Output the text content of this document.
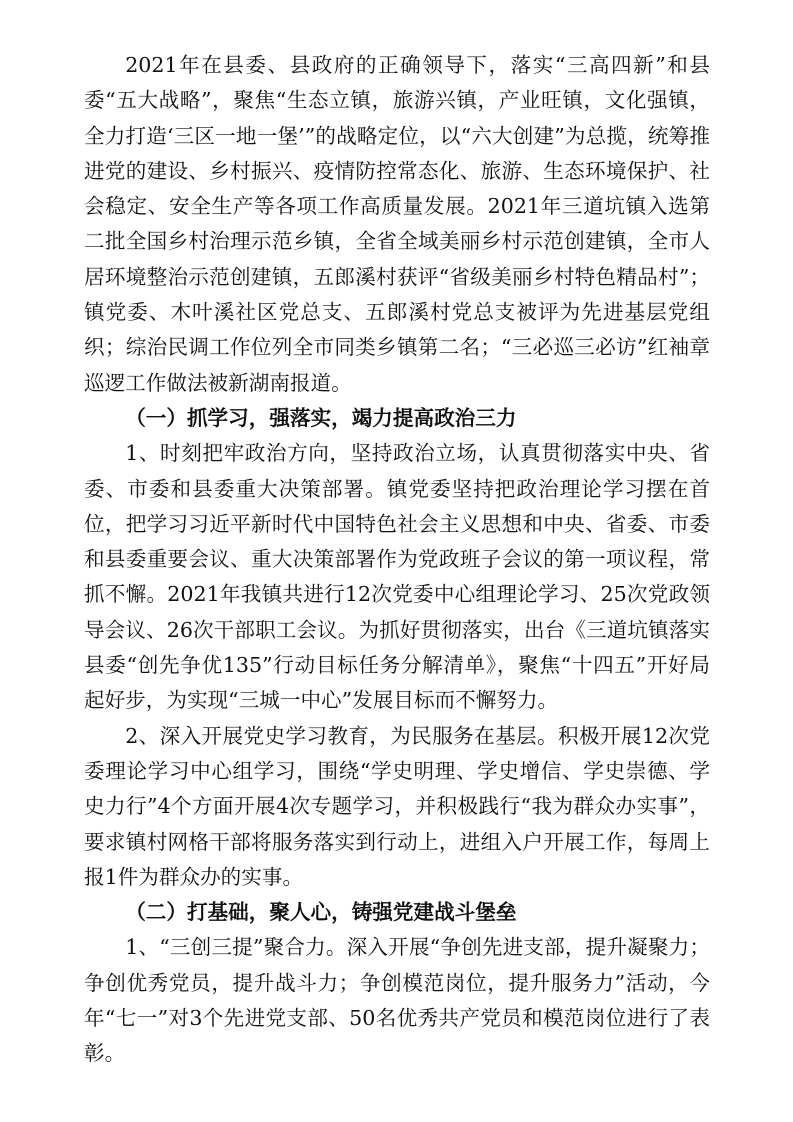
2021年在县委、县政府的正确领导下，落实“三高四新”和县委“五大战略”，聚焦“生态立镇，旅游兴镇，产业旺镇，文化强镇，全力打造‘三区一地一堡’”的战略定位，以“六大创建”为总揽，统筹推进党的建设、乡村振兴、疫情防控常态化、旅游、生态环境保护、社会稳定、安全生产等各项工作高质量发展。2021年三道坑镇入选第二批全国乡村治理示范乡镇，全省全域美丽乡村示范创建镇，全市人居环境整治示范创建镇，五郎溪村获评“省级美丽乡村特色精品村”；镇党委、木叶溪社区党总支、五郎溪村党总支被评为先进基层党组织；综治民调工作位列全市同类乡镇第二名；“三必巡三必访”红袖章巡逻工作做法被新湖南报道。

（一）抓学习，强落实，竭力提高政治三力

1、时刻把牢政治方向，坚持政治立场，认真贯彻落实中央、省委、市委和县委重大决策部署。镇党委坚持把政治理论学习摆在首位，把学习习近平新时代中国特色社会主义思想和中央、省委、市委和县委重要会议、重大决策部署作为党政班子会议的第一项议程，常抓不懈。2021年我镇共进行12次党委中心组理论学习、25次党政领导会议、26次干部职工会议。为抓好贯彻落实，出台《三道坑镇落实县委“创先争优135”行动目标任务分解清单》，聚焦“十四五”开好局起好步，为实现“三城一中心”发展目标而不懈努力。

2、深入开展党史学习教育，为民服务在基层。积极开展12次党委理论学习中心组学习，围绕“学史明理、学史增信、学史崇德、学史力行”4个方面开展4次专题学习，并积极践行“我为群众办实事”，要求镇村网格干部将服务落实到行动上，进组入户开展工作，每周上报1件为群众办的实事。

（二）打基础，聚人心，铸强党建战斗堡垒

1、“三创三提”聚合力。深入开展“争创先进支部，提升凝聚力；争创优秀党员，提升战斗力；争创模范岗位，提升服务力”活动，今年“七一”对3个先进党支部、50名优秀共产党员和模范岗位进行了表彰。
